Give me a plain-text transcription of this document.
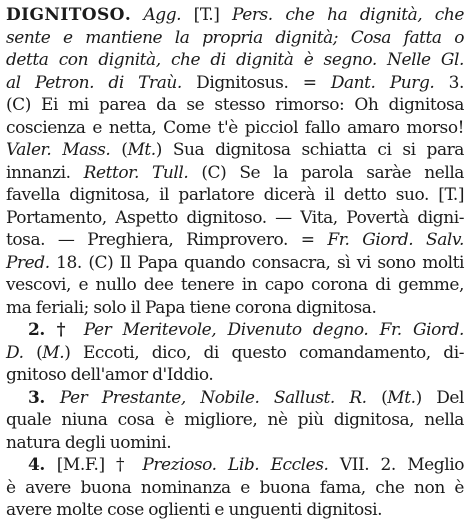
DIGNITOSO. Agg. [T.] Pers. che ha dignità, che
sente e mantiene la propria dignità; Cosa fatta o
detta con dignità, che di dignità è segno. Nelle Gl.
al Petron. di Traù. Dignitosus. = Dant. Purg. 3.
(C) Ei mi parea da se stesso rimorso: Oh dignitosa
coscienza e netta, Come t'è picciol fallo amaro morso!
Valer. Mass. (Mt.) Sua dignitosa schiatta ci si para
innanzi. Rettor. Tull. (C) Se la parola saràe nella
favella dignitosa, il parlatore dicerà il detto suo. [T.]
Portamento, Aspetto dignitoso. — Vita, Povertà digni-
tosa. — Preghiera, Rimprovero. = Fr. Giord. Salv.
Pred. 18. (C) Il Papa quando consacra, sì vi sono molti
vescovi, e nullo dee tenere in capo corona di gemme,
ma feriali; solo il Papa tiene corona dignitosa.
2. † Per Meritevole, Divenuto degno. Fr. Giord.
D. (M.) Eccoti, dico, di questo comandamento, di-
gnitoso dell'amor d'Iddio.
3. Per Prestante, Nobile. Sallust. R. (Mt.) Del
quale niuna cosa è migliore, nè più dignitosa, nella
natura degli uomini.
4. [M.F.] † Prezioso. Lib. Eccles. VII. 2. Meglio
è avere buona nominanza e buona fama, che non è
avere molte cose oglienti e unguenti dignitosi.
